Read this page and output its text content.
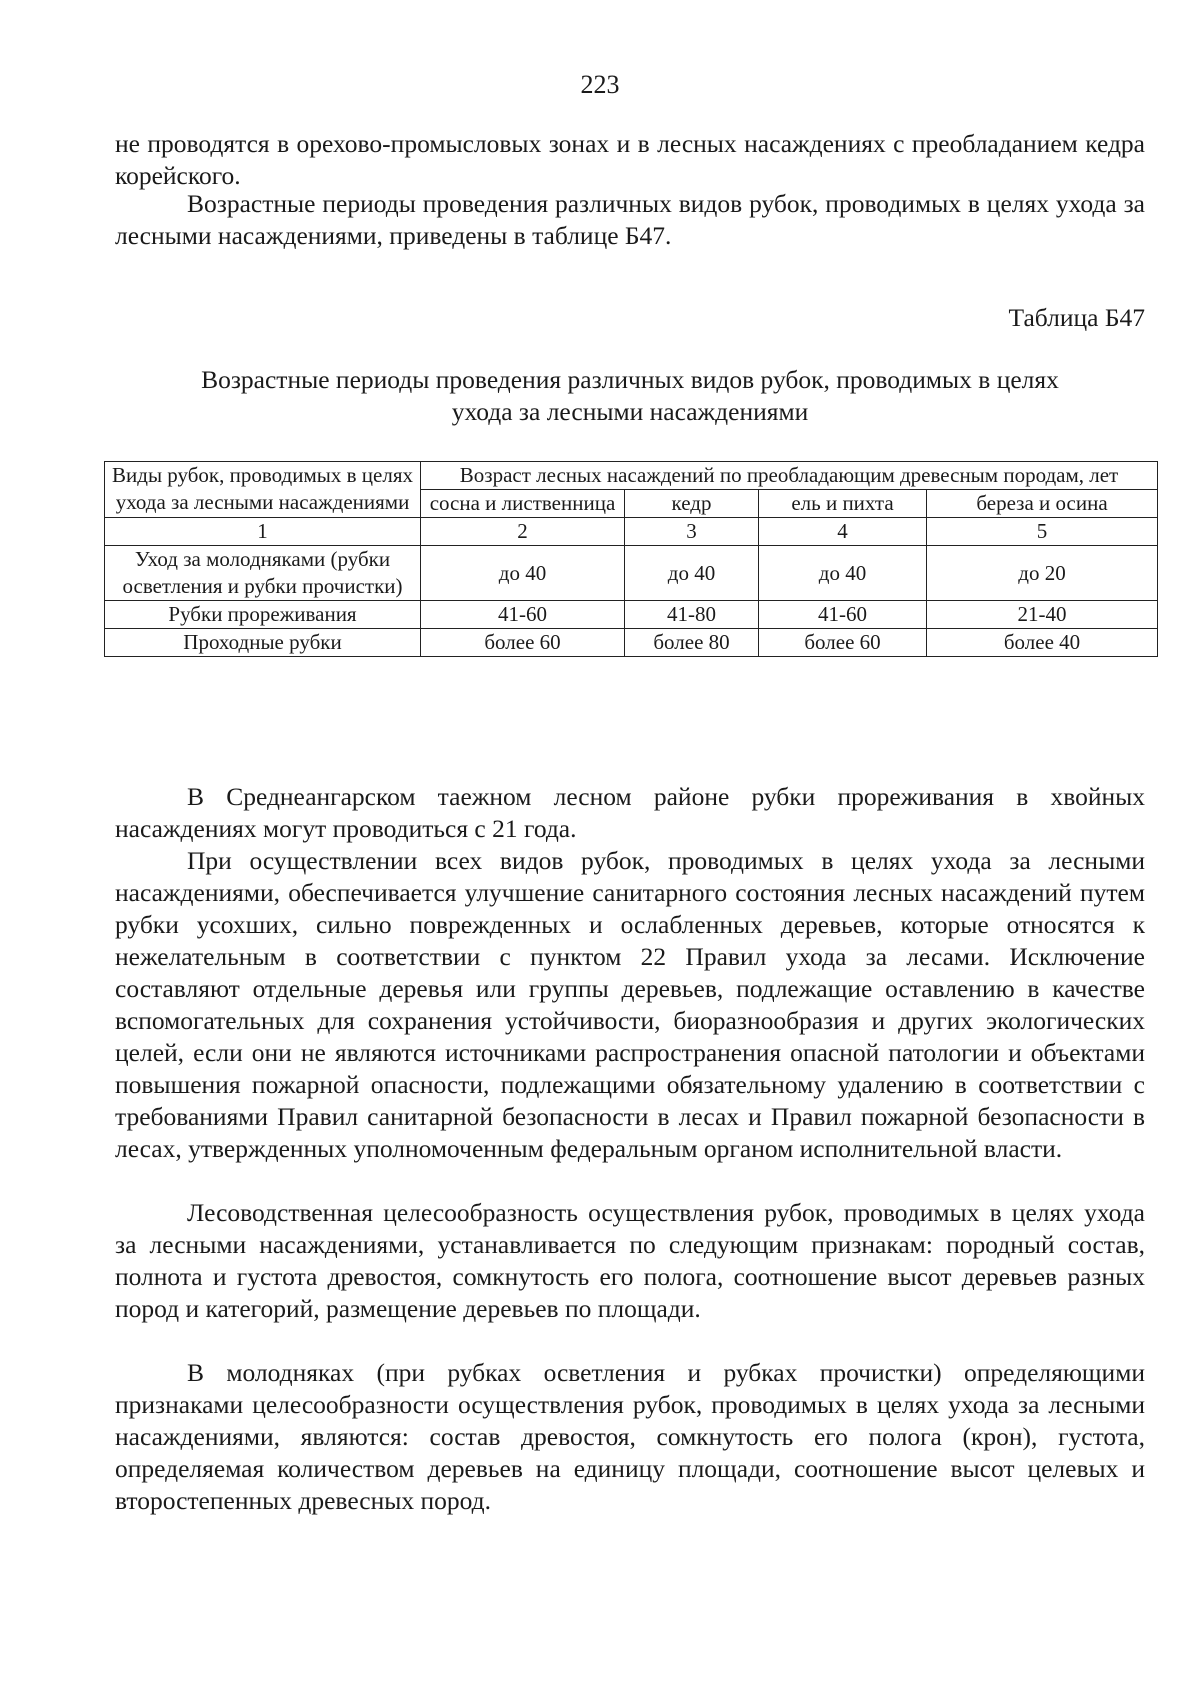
223

не проводятся в орехово-промысловых зонах и в лесных насаждениях с преобладанием кедра корейского.

Возрастные периоды проведения различных видов рубок, проводимых в целях ухода за лесными насаждениями, приведены в таблице Б47.

Таблица Б47
Возрастные периоды проведения различных видов рубок, проводимых в целях
ухода за лесными насаждениями
Виды рубок, проводимых в целях ухода за лесными насаждениями	Возраст лесных насаждений по преобладающим древесным породам, лет			
	сосна и лиственница	кедр	ель и пихта	береза и осина
1	2	3	4	5
Уход за молодняками (рубки осветления и рубки прочистки)	до 40	до 40	до 40	до 20
Рубки прореживания	41-60	41-80	41-60	21-40
Проходные рубки	более 60	более 80	более 60	более 40

В Среднеангарском таежном лесном районе рубки прореживания в хвойных насаждениях могут проводиться с 21 года.

При осуществлении всех видов рубок, проводимых в целях ухода за лесными насаждениями, обеспечивается улучшение санитарного состояния лесных насаждений путем рубки усохших, сильно поврежденных и ослабленных деревьев, которые относятся к нежелательным в соответствии с пунктом 22 Правил ухода за лесами. Исключение составляют отдельные деревья или группы деревьев, подлежащие оставлению в качестве вспомогательных для сохранения устойчивости, биоразнообразия и других экологических целей, если они не являются источниками распространения опасной патологии и объектами повышения пожарной опасности, подлежащими обязательному удалению в соответствии с требованиями Правил санитарной безопасности в лесах и Правил пожарной безопасности в лесах, утвержденных уполномоченным федеральным органом исполнительной власти.

Лесоводственная целесообразность осуществления рубок, проводимых в целях ухода за лесными насаждениями, устанавливается по следующим признакам: породный состав, полнота и густота древостоя, сомкнутость его полога, соотношение высот деревьев разных пород и категорий, размещение деревьев по площади.

В молодняках (при рубках осветления и рубках прочистки) определяющими признаками целесообразности осуществления рубок, проводимых в целях ухода за лесными насаждениями, являются: состав древостоя, сомкнутость его полога (крон), густота, определяемая количеством деревьев на единицу площади, соотношение высот целевых и второстепенных древесных пород.
